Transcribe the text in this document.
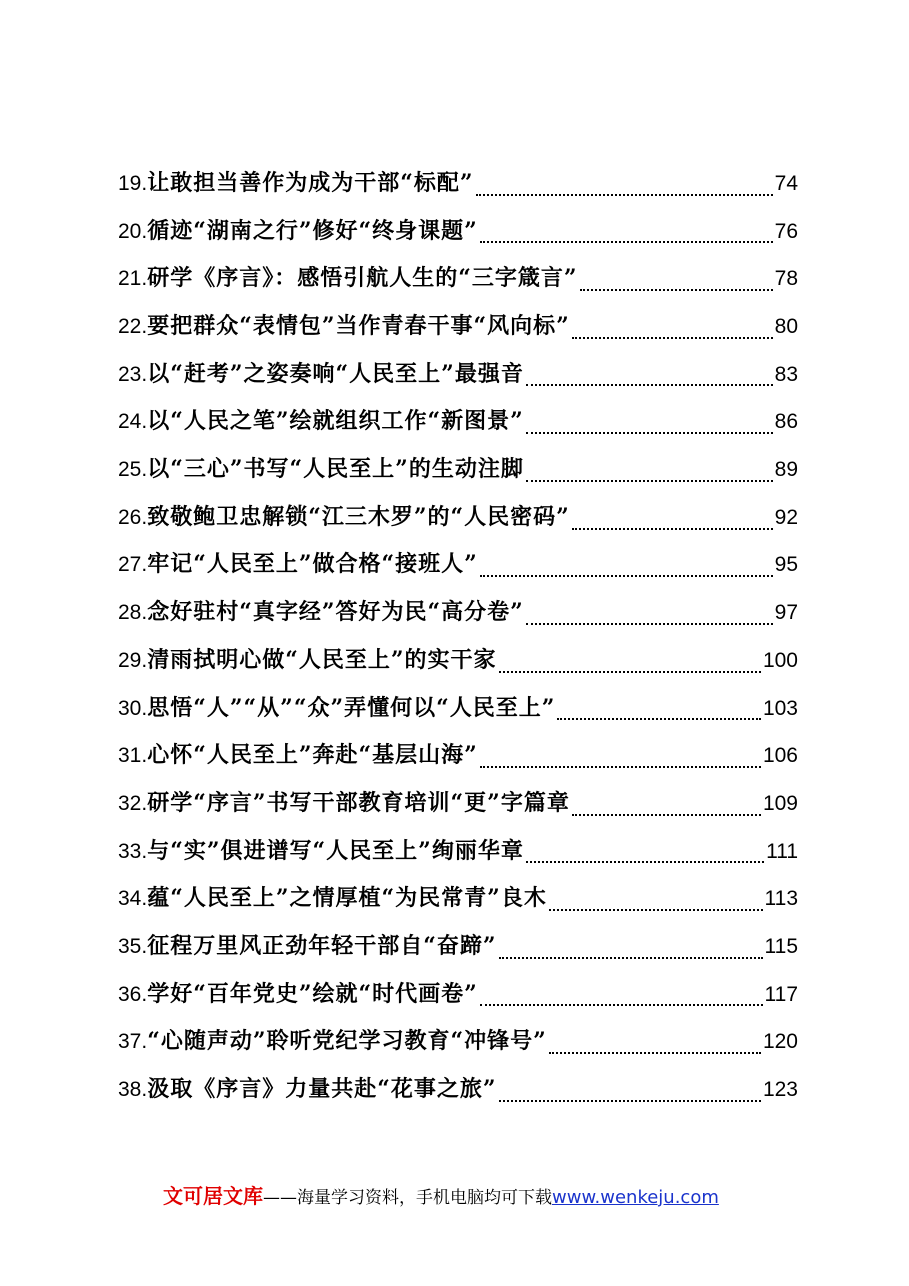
19. 让敢担当善作为成为干部“标配”	74
20. 循迹“湖南之行”修好“终身课题”	76
21. 研学《序言》：感悟引航人生的“三字箴言”	78
22. 要把群众“表情包”当作青春干事“风向标”	80
23. 以“赶考”之姿奏响“人民至上”最强音	83
24. 以“人民之笔”绘就组织工作“新图景”	86
25. 以“三心”书写“人民至上”的生动注脚	89
26. 致敬鲍卫忠解锁“江三木罗”的“人民密码”	92
27. 牢记“人民至上”做合格“接班人”	95
28. 念好驻村“真字经”答好为民“高分卷”	97
29. 清雨拭明心做“人民至上”的实干家	100
30. 思悟“人”“从”“众”弄懂何以“人民至上”	103
31. 心怀“人民至上”奔赴“基层山海”	106
32. 研学“序言”书写干部教育培训“更”字篇章	109
33. 与“实”俱进谱写“人民至上”绚丽华章	111
34. 蕴“人民至上”之情厚植“为民常青”良木	113
35. 征程万里风正劲年轻干部自“奋蹄”	115
36. 学好“百年党史”绘就“时代画卷”	117
37. “心随声动”聆听党纪学习教育“冲锋号”	120
38. 汲取《序言》力量共赴“花事之旅”	123
文可居文库——海量学习资料，手机电脑均可下载www.wenkeju.com
